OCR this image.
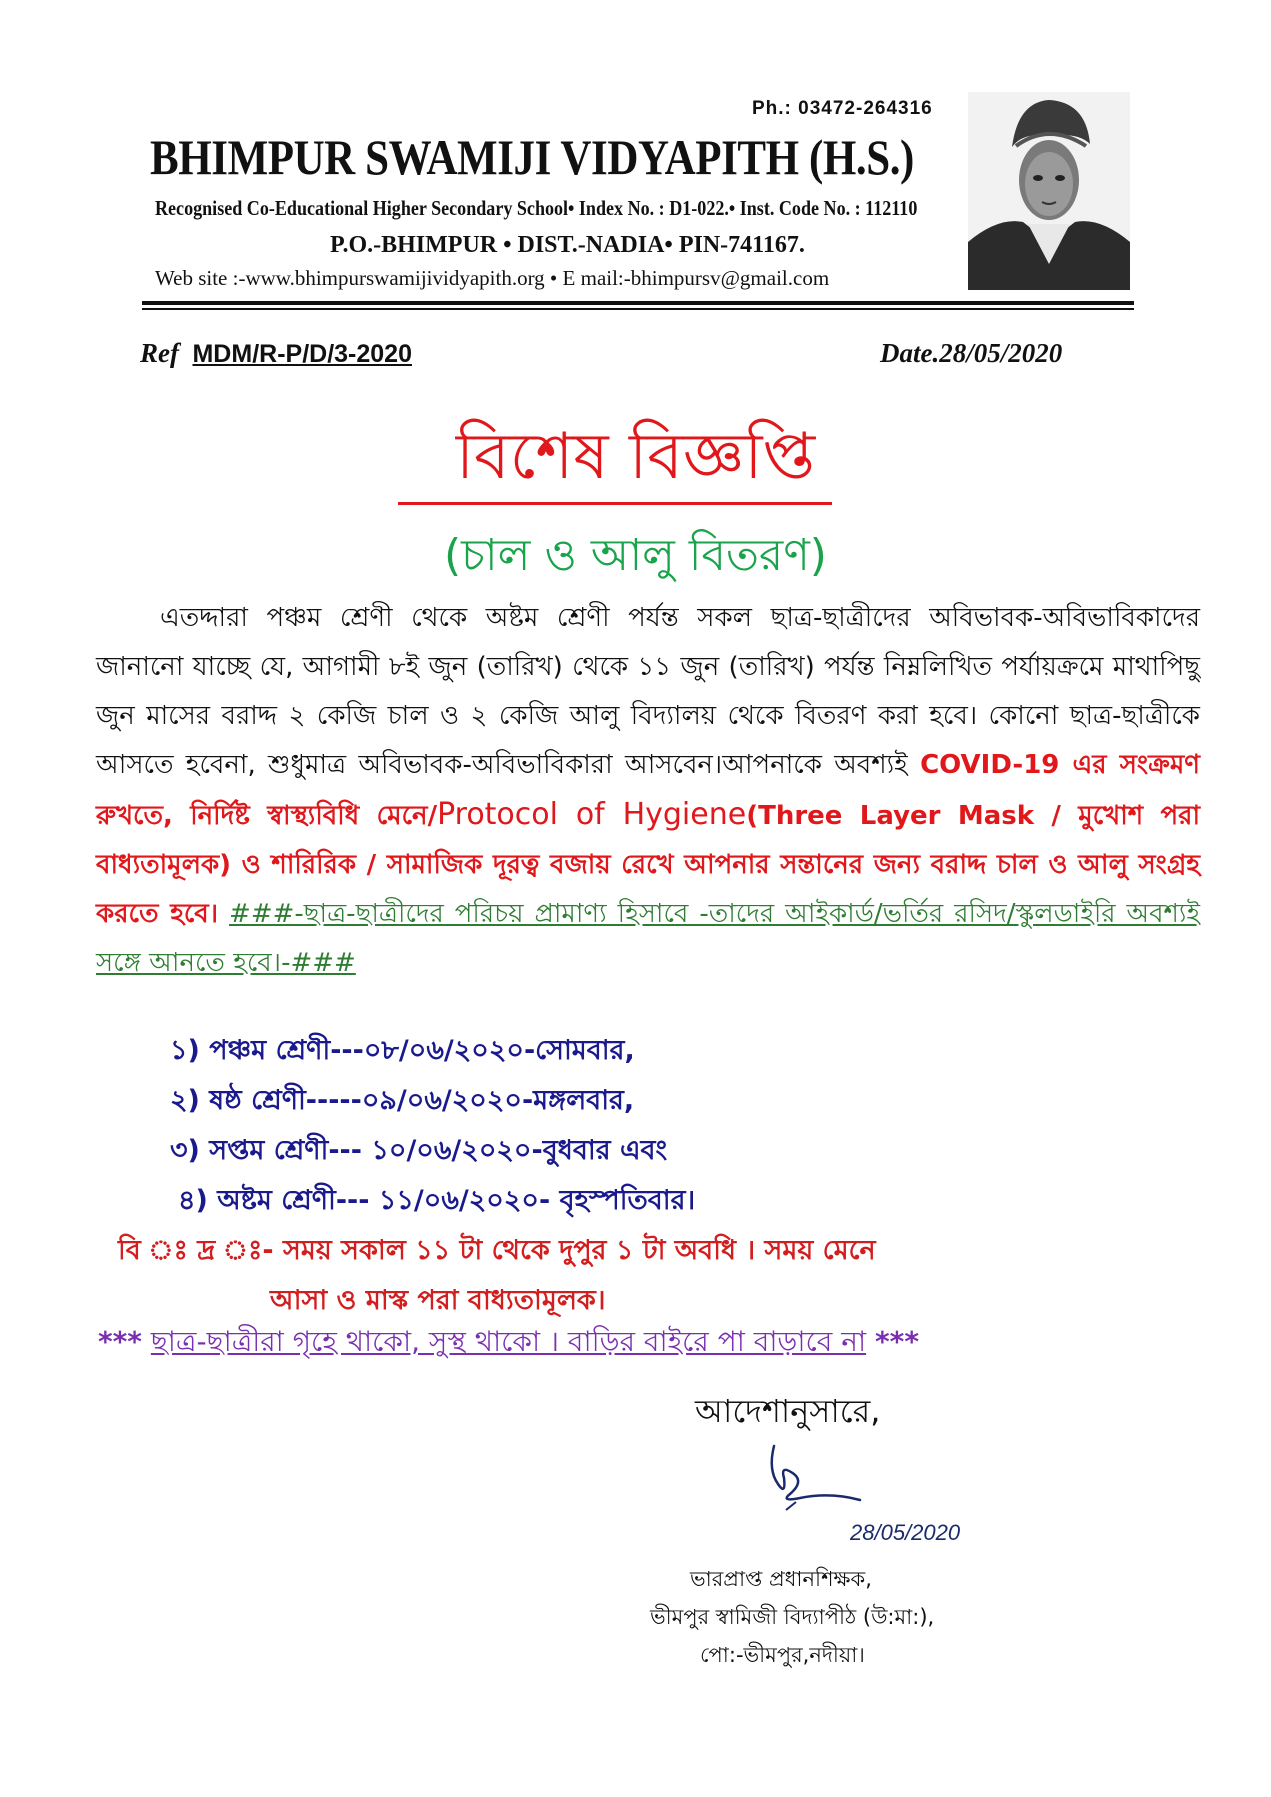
Ph.: 03472-264316
BHIMPUR SWAMIJI VIDYAPITH (H.S.)
Recognised Co-Educational Higher Secondary School• Index No. : D1-022.• Inst. Code No. : 112110
P.O.-BHIMPUR • DIST.-NADIA• PIN-741167.
Web site :-www.bhimpurswamijividyapith.org • E mail:-bhimpursv@gmail.com
Ref MDM/R-P/D/3-2020	Date.28/05/2020
বিশেষ বিজ্ঞপ্তি
(চাল ও আলু বিতরণ)
এতদ্দারা পঞ্চম শ্রেণী থেকে অষ্টম শ্রেণী পর্যন্ত সকল ছাত্র-ছাত্রীদের অবিভাবক-অবিভাবিকাদের জানানো যাচ্ছে যে, আগামী ৮ই জুন (তারিখ) থেকে ১১ জুন (তারিখ) পর্যন্ত নিম্নলিখিত পর্যায়ক্রমে মাথাপিছু জুন মাসের বরাদ্দ ২ কেজি চাল ও ২ কেজি আলু বিদ্যালয় থেকে বিতরণ করা হবে। কোনো ছাত্র-ছাত্রীকে আসতে হবেনা, শুধুমাত্র অবিভাবক-অবিভাবিকারা আসবেন।আপনাকে অবশ্যই COVID-19 এর সংক্রমণ রুখতে, নির্দিষ্ট স্বাস্থ্যবিধি মেনে/Protocol of Hygiene(Three Layer Mask / মুখোশ পরা বাধ্যতামূলক) ও শারিরিক / সামাজিক দূরত্ব বজায় রেখে আপনার সন্তানের জন্য বরাদ্দ চাল ও আলু সংগ্রহ করতে হবে। ###-ছাত্র-ছাত্রীদের পরিচয় প্রামাণ্য হিসাবে -তাদের আইকার্ড/ভর্তির রসিদ/স্কুলডাইরি অবশ্যই সঙ্গে আনতে হবে।-###
১) পঞ্চম শ্রেণী---০৮/০৬/২০২০-সোমবার,
২) ষষ্ঠ শ্রেণী-----০৯/০৬/২০২০-মঙ্গলবার,
৩) সপ্তম শ্রেণী--- ১০/০৬/২০২০-বুধবার এবং
৪) অষ্টম শ্রেণী--- ১১/০৬/২০২০- বৃহস্পতিবার।
বি ঃ দ্র ঃ- সময় সকাল ১১ টা থেকে দুপুর ১ টা অবধি । সময় মেনে
আসা ও মাস্ক পরা বাধ্যতামূলক।
*** ছাত্র-ছাত্রীরা গৃহে থাকো, সুস্থ থাকো । বাড়ির বাইরে পা বাড়াবে না ***
আদেশানুসারে,
28/05/2020
ভারপ্রাপ্ত প্রধানশিক্ষক,
ভীমপুর স্বামিজী বিদ্যাপীঠ (উ:মা:),
পো:-ভীমপুর,নদীয়া।
